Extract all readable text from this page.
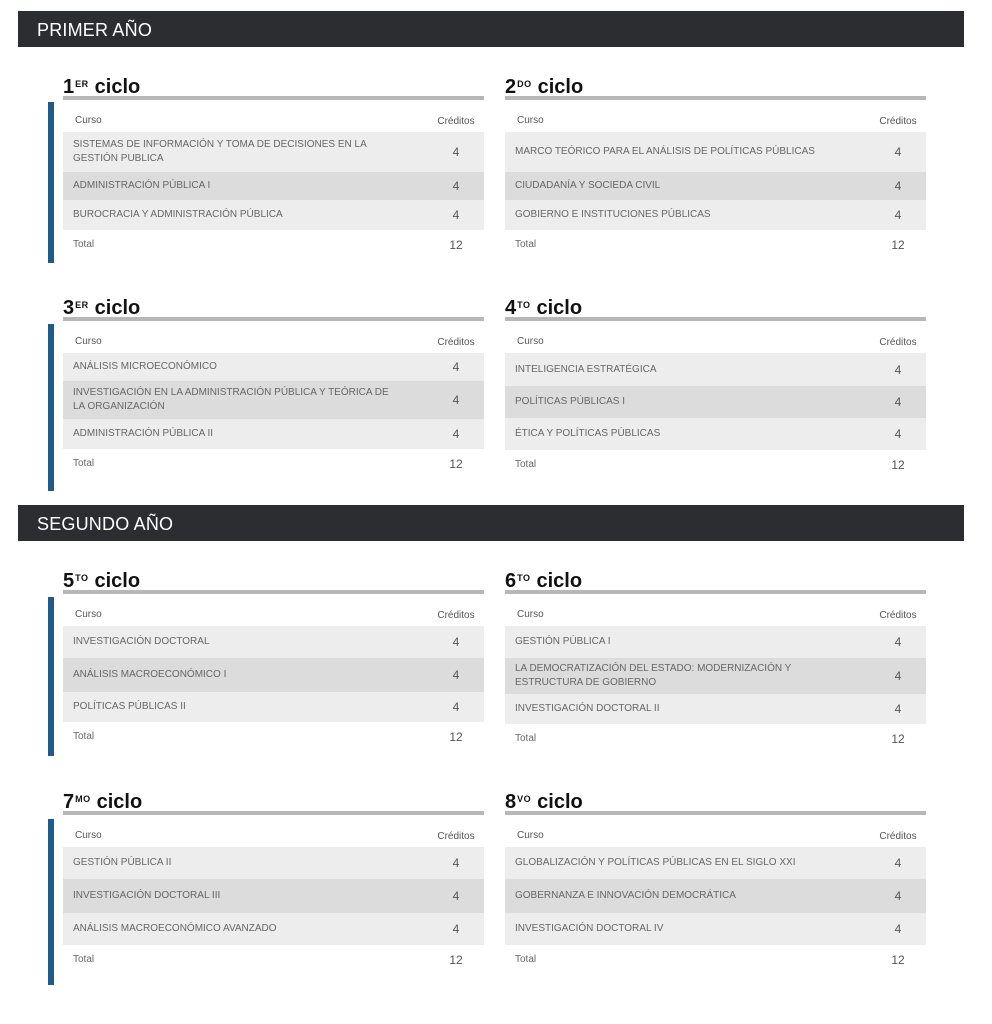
PRIMER AÑO
SEGUNDO AÑO
1ER ciclo
Curso	Créditos
SISTEMAS DE INFORMACIÓN Y TOMA DE DECISIONES EN LA GESTIÓN PUBLICA	4
ADMINISTRACIÓN PÚBLICA I	4
BUROCRACIA Y ADMINISTRACIÓN PÚBLICA	4
Total	12
$2^{DO}$ ciclo
Curso	Créditos
MARCO TEÓRICO PARA EL ANÁLISIS DE POLÍTICAS PÚBLICAS	4
CIUDADANÍA Y SOCIEDA CIVIL	4
GOBIERNO E INSTITUCIONES PÚBLICAS	4
Total	12
3ER ciclo
Curso	Créditos
ANÁLISIS MICROECONÓMICO	4
INVESTIGACIÓN EN LA ADMINISTRACIÓN PÚBLICA Y TEÓRICA DE LA ORGANIZACIÓN	4
ADMINISTRACIÓN PÚBLICA II	4
Total	12
$4^{TO}$ ciclo
Curso	Créditos
INTELIGENCIA ESTRATÉGICA	4
POLÍTICAS PÚBLICAS I	4
ÉTICA Y POLÍTICAS PÚBLICAS	4
Total	12
$5^{TO}$ ciclo
Curso	Créditos
INVESTIGACIÓN DOCTORAL	4
ANÁLISIS MACROECONÓMICO I	4
POLÍTICAS PÚBLICAS II	4
Total	12
$6^{TO}$ ciclo
Curso	Créditos
GESTIÓN PÚBLICA I	4
LA DEMOCRATIZACIÓN DEL ESTADO: MODERNIZACIÓN Y ESTRUCTURA DE GOBIERNO	4
INVESTIGACIÓN DOCTORAL II	4
Total	12
$7^{MO}$ ciclo
Curso	Créditos
GESTIÓN PÚBLICA II	4
INVESTIGACIÓN DOCTORAL III	4
ANÁLISIS MACROECONÓMICO AVANZADO	4
Total	12
$8^{VO}$ ciclo
Curso	Créditos
GLOBALIZACIÓN Y POLÍTICAS PÚBLICAS EN EL SIGLO XXI	4
GOBERNANZA E INNOVACIÓN DEMOCRÁTICA	4
INVESTIGACIÓN DOCTORAL IV	4
Total	12
